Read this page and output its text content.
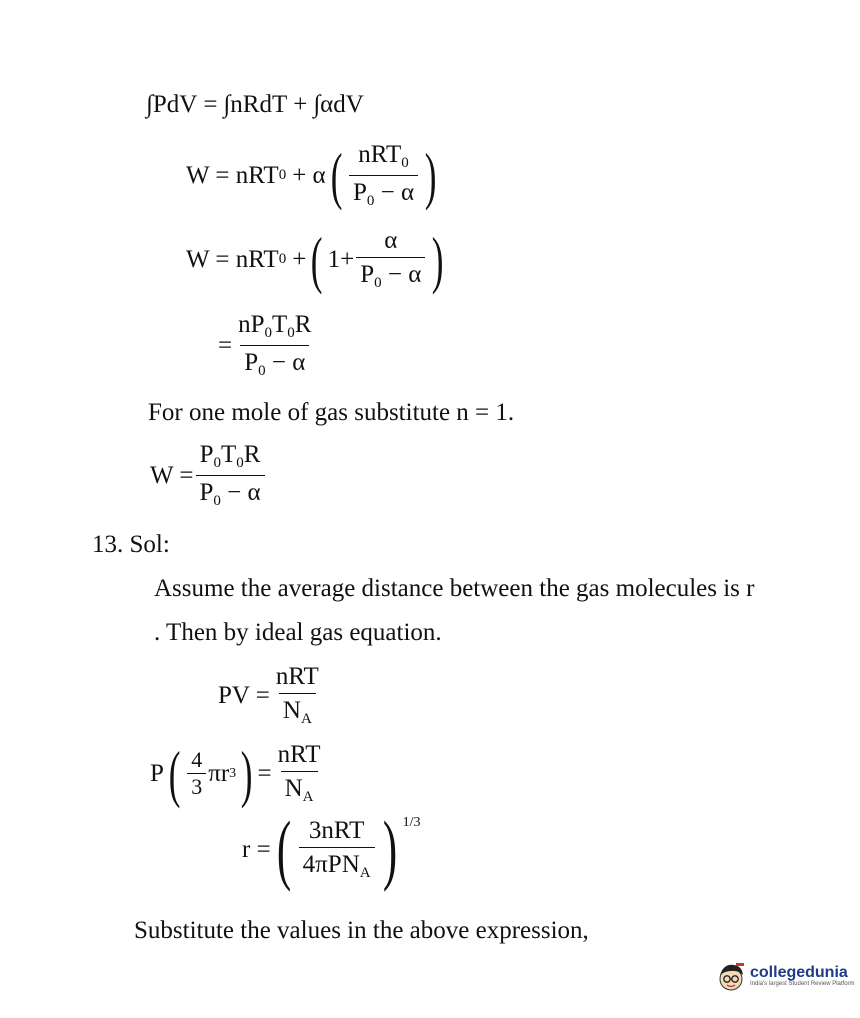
∫PdV = ∫nRdT + ∫αdV
W = nRT 0 + α ( $\frac{nRT_0}{P_0 - \alpha}$ )
W = nRT 0 + ( $1+ \frac{\alpha}{P_0 - \alpha}$ )
= $\frac{nP_0T_0R}{P_0 - \alpha}$
For one mole of gas substitute n = 1.
$W = \frac{P_0T_0R}{P_0 - \alpha}$
13. Sol:
Assume the average distance between the gas molecules is r
. Then by ideal gas equation.
PV = $\frac{\text{nRT}}{N_A}$
P ( $\frac{4}{3}$ πr 3 ) = $\frac{\text{nRT}}{N_A}$
r = ( $\frac{\text{3nRT}}{4\pi PN_A}$ ) 1/3
Substitute the values in the above expression,
collegedunia
India's largest Student Review Platform
